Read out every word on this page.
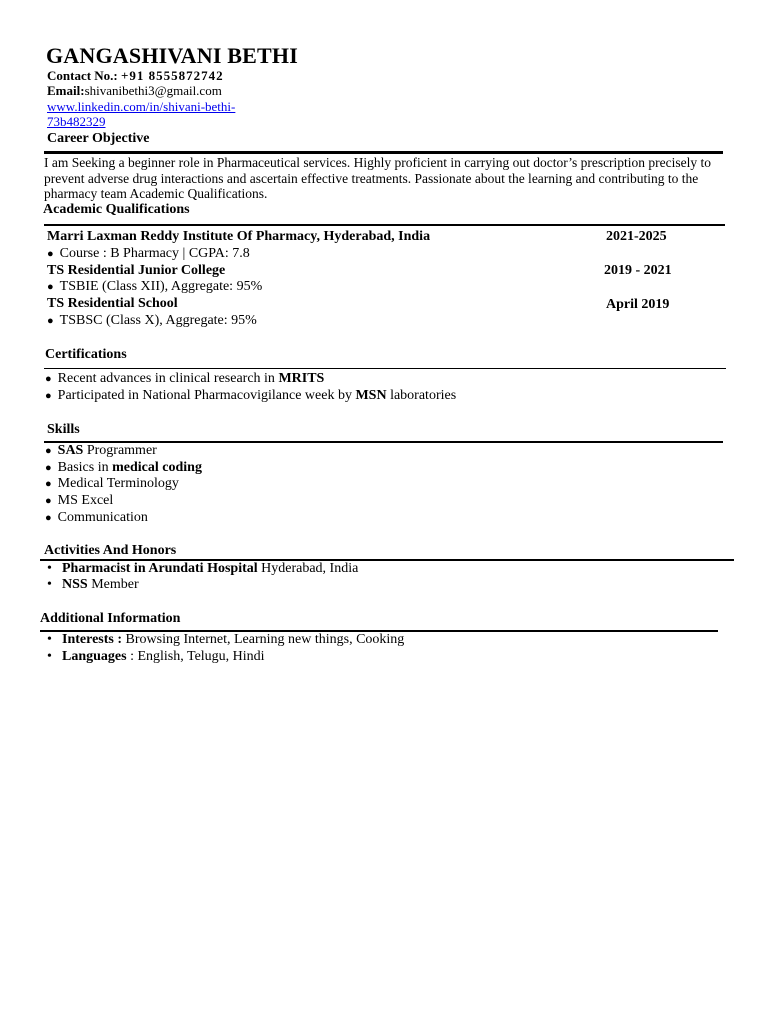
GANGASHIVANI BETHI
Contact No.: +91 8555872742
Email:shivanibethi3@gmail.com
www.linkedin.com/in/shivani-bethi-
73b482329
Career Objective
I am Seeking a beginner role in Pharmaceutical services. Highly proficient in carrying out doctor’s prescription precisely to prevent adverse drug interactions and ascertain effective treatments. Passionate about the learning and contributing to the pharmacy team Academic Qualifications.
Academic Qualifications
Marri Laxman Reddy Institute Of Pharmacy, Hyderabad, India	2021-2025
● Course : B Pharmacy | CGPA: 7.8
TS Residential Junior College	2019 - 2021
● TSBIE (Class XII), Aggregate: 95%
TS Residential School	April 2019
● TSBSC (Class X), Aggregate: 95%
Certifications
● Recent advances in clinical research in MRITS
● Participated in National Pharmacovigilance week by MSN laboratories
Skills
● SAS Programmer
● Basics in medical coding
● Medical Terminology
● MS Excel
● Communication
Activities And Honors
• Pharmacist in Arundati Hospital Hyderabad, India
• NSS Member
Additional Information
• Interests : Browsing Internet, Learning new things, Cooking
• Languages : English, Telugu, Hindi
